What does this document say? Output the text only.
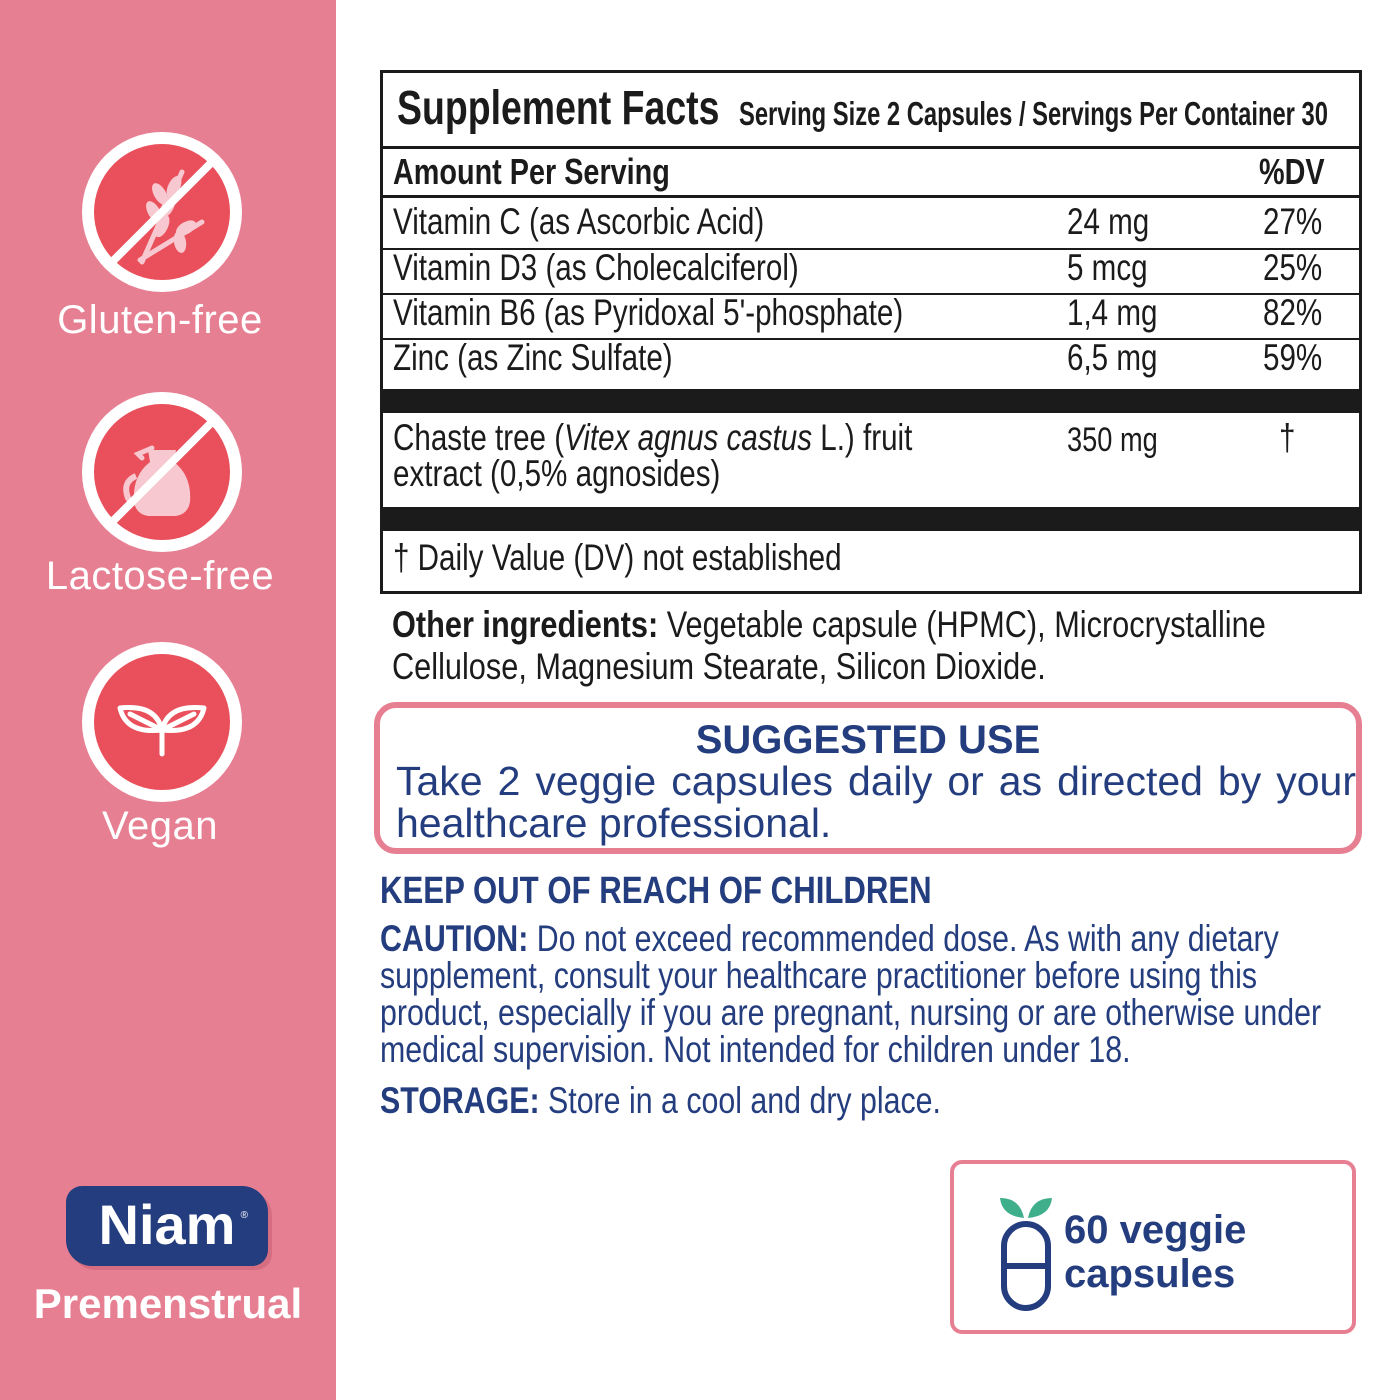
Gluten-free
Lactose-free
Vegan
Niam ®
Premenstrual
Supplement Facts Serving Size 2 Capsules / Servings Per Container 30
Amount Per Serving	%DV
Vitamin C (as Ascorbic Acid)	24 mg	27%
Vitamin D3 (as Cholecalciferol)	5 mcg	25%
Vitamin B6 (as Pyridoxal 5'-phosphate)	1,4 mg	82%
Zinc (as Zinc Sulfate)	6,5 mg	59%
Chaste tree (Vitex agnus castus L.) fruit
extract (0,5% agnosides)
350 mg	†
† Daily Value (DV) not established
Other ingredients: Vegetable capsule (HPMC), Microcrystalline Cellulose, Magnesium Stearate, Silicon Dioxide.
SUGGESTED USE
Take 2 veggie capsules daily or as directed by your healthcare professional.
KEEP OUT OF REACH OF CHILDREN
CAUTION: Do not exceed recommended dose. As with any dietary supplement, consult your healthcare practitioner before using this product, especially if you are pregnant, nursing or are otherwise under medical supervision. Not intended for children under 18.
STORAGE: Store in a cool and dry place.
60 veggie
capsules
